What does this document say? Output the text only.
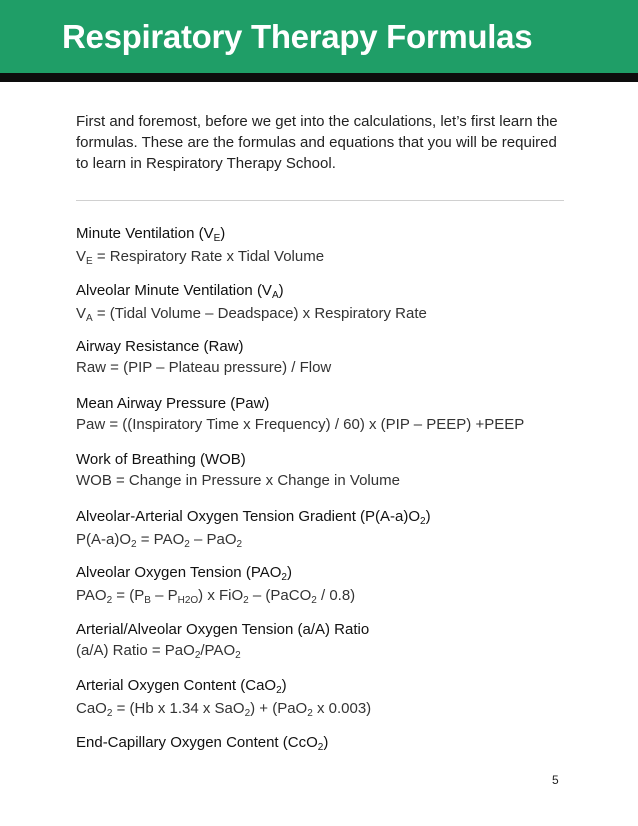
Respiratory Therapy Formulas

First and foremost, before we get into the calculations, let’s first learn the formulas. These are the formulas and equations that you will be required to learn in Respiratory Therapy School.

Minute Ventilation $(V_E)$

$V_E$ = Respiratory Rate x Tidal Volume

Alveolar Minute Ventilation $(V_A)$

$V_A$ = (Tidal Volume – Deadspace) x Respiratory Rate

Airway Resistance (Raw)

Raw = (PIP – Plateau pressure) / Flow

Mean Airway Pressure (Paw)

Paw = ((Inspiratory Time x Frequency) / 60) x (PIP – PEEP) +PEEP

Work of Breathing (WOB)

WOB = Change in Pressure x Change in Volume

Alveolar-Arterial Oxygen Tension Gradient $(P(A-a)O_2)$

$P(A-a)O_2 = PAO_2 - PaO_2$

Alveolar Oxygen Tension $(PAO_2)$

$PAO_2 = (P_B - P_{H2O})$ x FiO$_2$ – (PaCO$_2$ / 0.8)

Arterial/Alveolar Oxygen Tension (a/A) Ratio

(a/A) Ratio = $PaO_2/PAO_2$

Arterial Oxygen Content (CaO$_2$)

CaO$_2$ = (Hb x 1.34 x SaO$_2$) + (PaO$_2$ x 0.003)

End-Capillary Oxygen Content (CcO$_2$)

5
